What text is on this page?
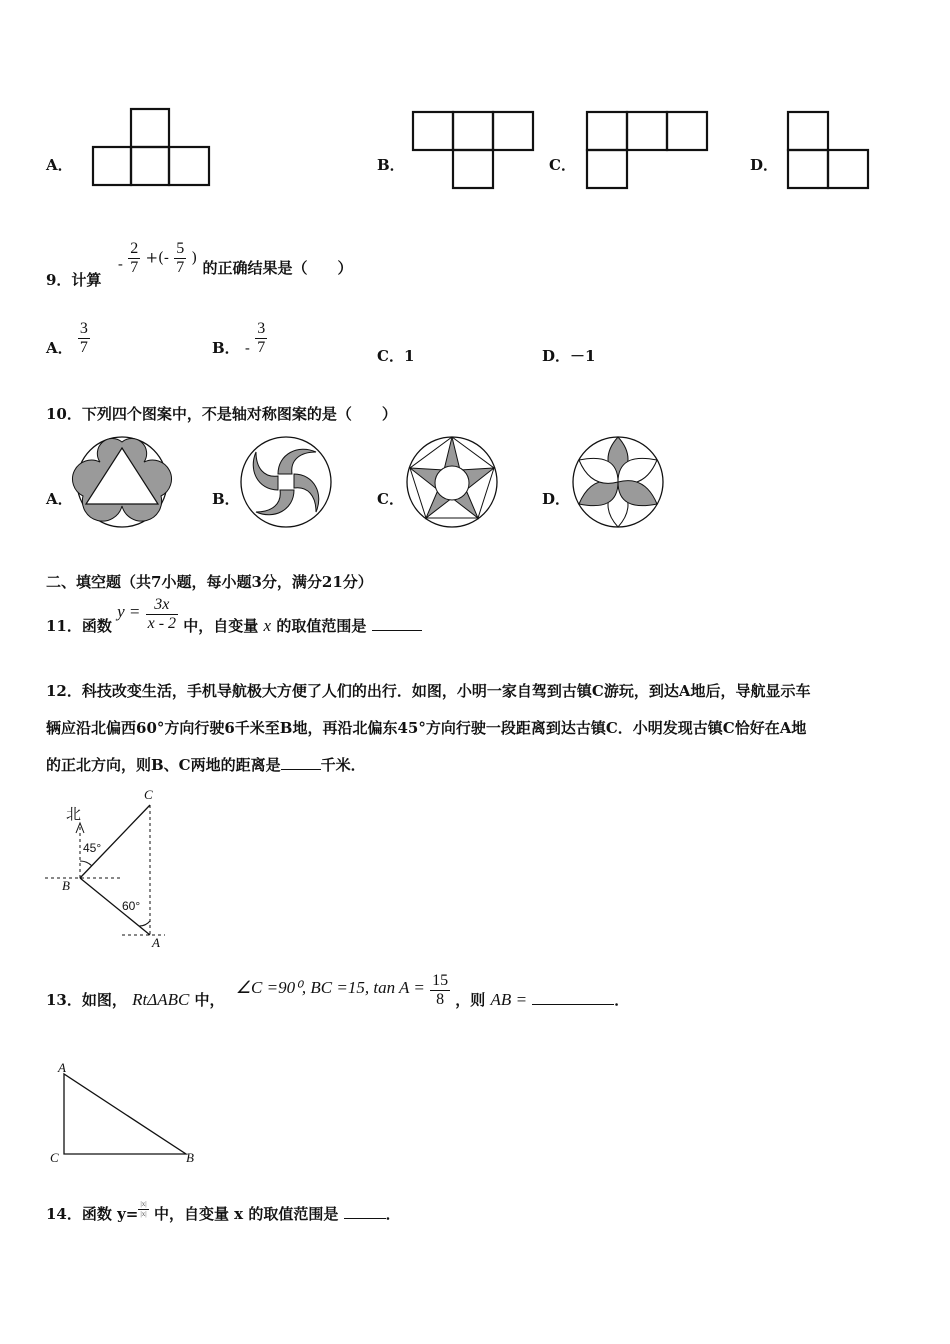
A．	B．	C．	D．
9．计算  - $\frac{2}{7}$ +(- $\frac{5}{7}$ ) 的正确结果是（　　）
A． $\frac{3}{7}$	B． - $\frac{3}{7}$	C．1	D．－1
10．下列四个图案中，不是轴对称图案的是（　　）
A．	B．	C．	D．
二、填空题（共7小题，每小题3分，满分21分）
11．函数 $y = \frac{3x}{x - 2}$ 中，自变量 x 的取值范围是
12．科技改变生活，手机导航极大方便了人们的出行．如图，小明一家自驾到古镇C游玩，到达A地后，导航显示车
辆应沿北偏西60°方向行驶6千米至B地，再沿北偏东45°方向行驶一段距离到达古镇C．小明发现古镇C恰好在A地
的正北方向，则B、C两地的距离是	千米．
北
C
B
A
45°
60°
13．如图， RtΔABC 中， ∠C =90⁰, BC =15, $\tan A = \frac{15}{8}$ ，则 AB =	．
A
C	B
14．函数 $y= \frac{|x|}{|x|}$ 中，自变量 x 的取值范围是	．
